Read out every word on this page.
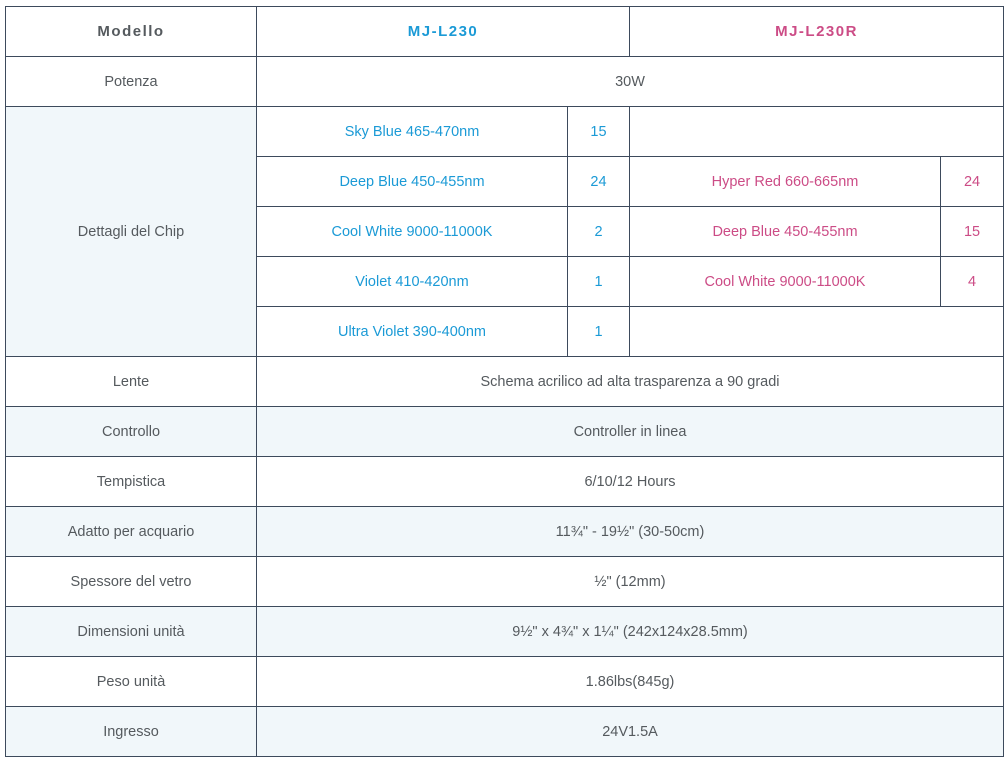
Modello	MJ-L230		MJ-L230R	
Potenza	30W			
Dettagli del Chip	Sky Blue 465-470nm	15		
	Deep Blue 450-455nm	24	Hyper Red 660-665nm	24
	Cool White 9000-11000K	2	Deep Blue 450-455nm	15
	Violet 410-420nm	1	Cool White 9000-11000K	4
	Ultra Violet 390-400nm	1		
Lente	Schema acrilico ad alta trasparenza a 90 gradi			
Controllo	Controller in linea			
Tempistica	6/10/12 Hours			
Adatto per acquario	11¾" - 19½" (30-50cm)			
Spessore del vetro	½" (12mm)			
Dimensioni unità	9½" x 4¾" x 1¼" (242x124x28.5mm)			
Peso unità	1.86lbs(845g)			
Ingresso	24V1.5A			
